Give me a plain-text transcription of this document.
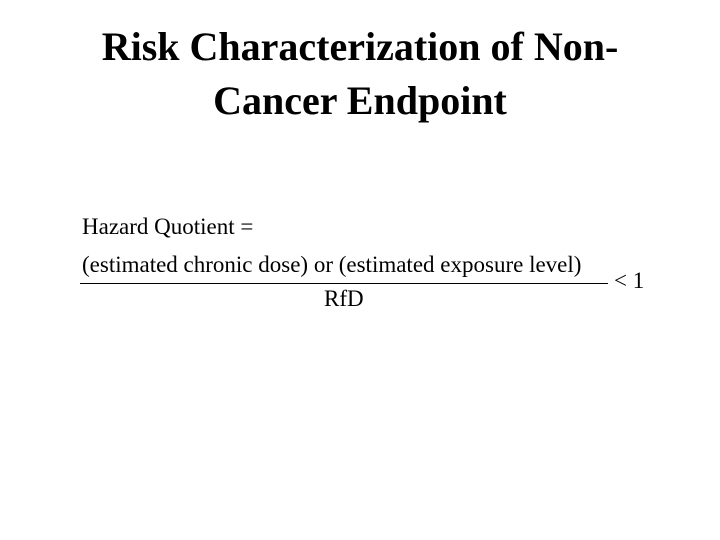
Risk Characterization of Non-
Cancer Endpoint
Hazard Quotient =
(estimated chronic dose) or (estimated exposure level)
RfD
< 1
